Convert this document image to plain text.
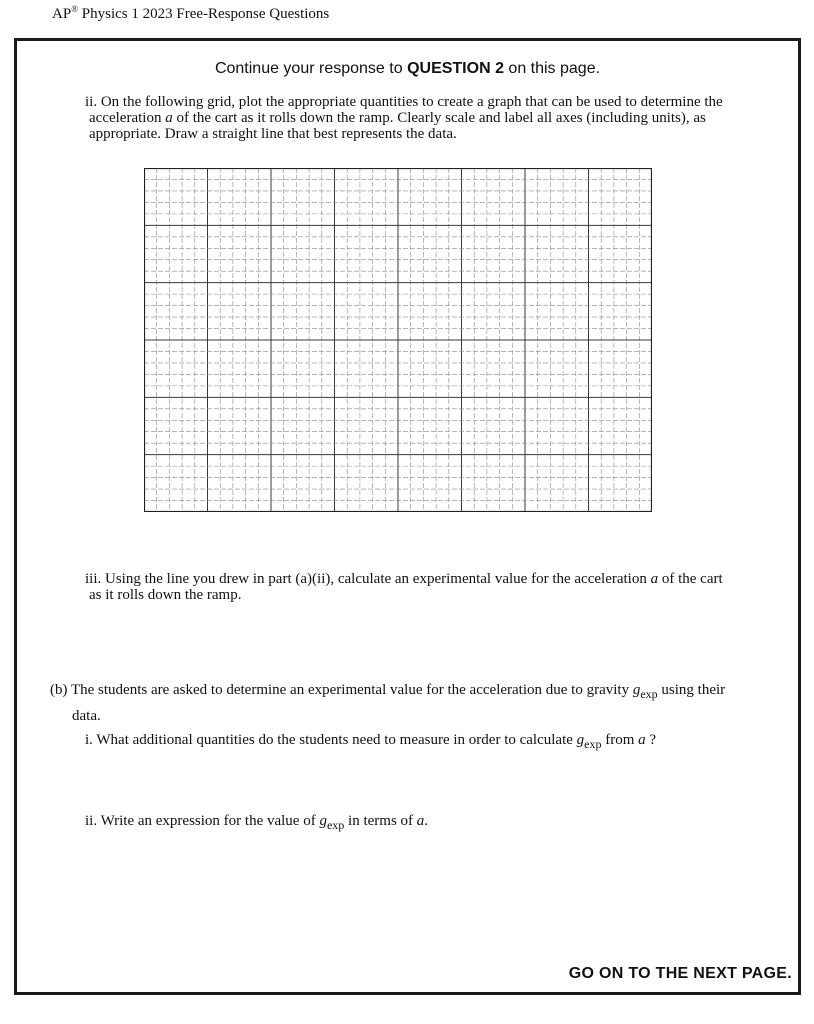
AP® Physics 1 2023 Free-Response Questions
Continue your response to QUESTION 2 on this page.
ii. On the following grid, plot the appropriate quantities to create a graph that can be used to determine the
acceleration a of the cart as it rolls down the ramp. Clearly scale and label all axes (including units), as
appropriate. Draw a straight line that best represents the data.
iii. Using the line you drew in part (a)(ii), calculate an experimental value for the acceleration a of the cart
as it rolls down the ramp.
(b) The students are asked to determine an experimental value for the acceleration due to gravity $g_{exp}$ using their
data.
i. What additional quantities do the students need to measure in order to calculate $g_{exp}$ from a ?
ii. Write an expression for the value of $g_{exp}$ in terms of a.
GO ON TO THE NEXT PAGE.
